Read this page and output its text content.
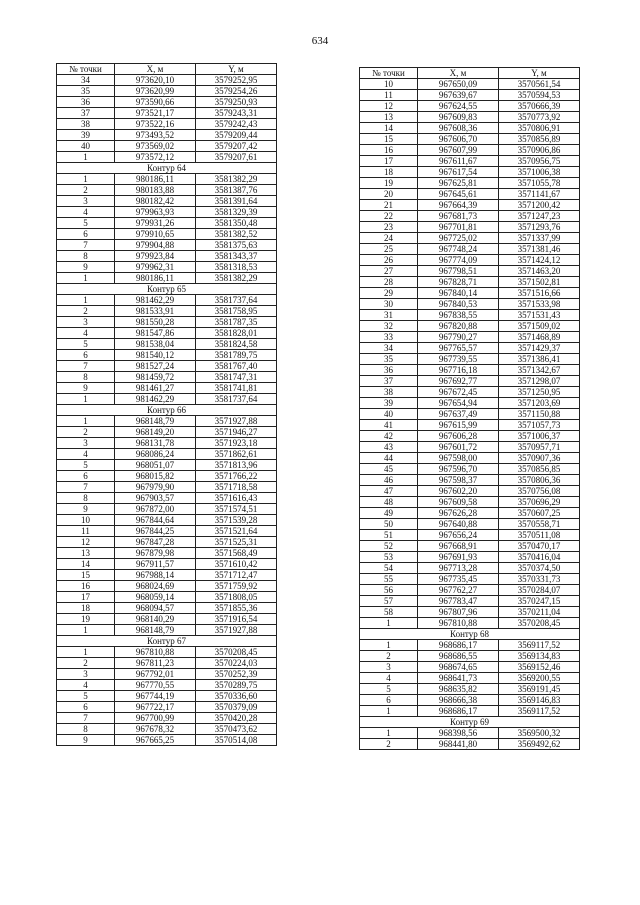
634
№ точки	X, м	Y, м
34	973620,10	3579252,95
35	973620,99	3579254,26
36	973590,66	3579250,93
37	973521,17	3579243,31
38	973522,16	3579242,43
39	973493,52	3579209,44
40	973569,02	3579207,42
1	973572,12	3579207,61
Контур 64		
1	980186,11	3581382,29
2	980183,88	3581387,76
3	980182,42	3581391,64
4	979963,93	3581329,39
5	979931,26	3581350,48
6	979910,65	3581382,52
7	979904,88	3581375,63
8	979923,84	3581343,37
9	979962,31	3581318,53
1	980186,11	3581382,29
Контур 65		
1	981462,29	3581737,64
2	981533,91	3581758,95
3	981550,28	3581787,35
4	981547,86	3581828,01
5	981538,04	3581824,58
6	981540,12	3581789,75
7	981527,24	3581767,40
8	981459,72	3581747,31
9	981461,27	3581741,81
1	981462,29	3581737,64
Контур 66		
1	968148,79	3571927,88
2	968149,20	3571946,27
3	968131,78	3571923,18
4	968086,24	3571862,61
5	968051,07	3571813,96
6	968015,82	3571766,22
7	967979,90	3571718,58
8	967903,57	3571616,43
9	967872,00	3571574,51
10	967844,64	3571539,28
11	967844,25	3571521,64
12	967847,28	3571525,31
13	967879,98	3571568,49
14	967911,57	3571610,42
15	967988,14	3571712,47
16	968024,69	3571759,92
17	968059,14	3571808,05
18	968094,57	3571855,36
19	968140,29	3571916,54
1	968148,79	3571927,88
Контур 67		
1	967810,88	3570208,45
2	967811,23	3570224,03
3	967792,01	3570252,39
4	967770,55	3570289,75
5	967744,19	3570336,60
6	967722,17	3570379,09
7	967700,99	3570420,28
8	967678,32	3570473,62
9	967665,25	3570514,08
№ точки	X, м	Y, м
10	967650,09	3570561,54
11	967639,67	3570594,53
12	967624,55	3570666,39
13	967609,83	3570773,92
14	967608,36	3570806,91
15	967606,70	3570856,89
16	967607,99	3570906,86
17	967611,67	3570956,75
18	967617,54	3571006,38
19	967625,81	3571055,78
20	967645,61	3571141,67
21	967664,39	3571200,42
22	967681,73	3571247,23
23	967701,81	3571293,76
24	967725,02	3571337,99
25	967748,24	3571381,46
26	967774,09	3571424,12
27	967798,51	3571463,20
28	967828,71	3571502,81
29	967840,14	3571516,66
30	967840,53	3571533,98
31	967838,55	3571531,43
32	967820,88	3571509,02
33	967790,27	3571468,89
34	967765,57	3571429,37
35	967739,55	3571386,41
36	967716,18	3571342,67
37	967692,77	3571298,07
38	967672,45	3571250,95
39	967654,94	3571203,69
40	967637,49	3571150,88
41	967615,99	3571057,73
42	967606,28	3571006,37
43	967601,72	3570957,71
44	967598,00	3570907,36
45	967596,70	3570856,85
46	967598,37	3570806,36
47	967602,20	3570756,08
48	967609,58	3570696,29
49	967626,28	3570607,25
50	967640,88	3570558,71
51	967656,24	3570511,08
52	967668,91	3570470,17
53	967691,93	3570416,04
54	967713,28	3570374,50
55	967735,45	3570331,73
56	967762,27	3570284,07
57	967783,47	3570247,15
58	967807,96	3570211,04
1	967810,88	3570208,45
Контур 68		
1	968686,17	3569117,52
2	968686,55	3569134,83
3	968674,65	3569152,46
4	968641,73	3569200,55
5	968635,82	3569191,45
6	968666,38	3569146,83
1	968686,17	3569117,52
Контур 69		
1	968398,56	3569500,32
2	968441,80	3569492,62
